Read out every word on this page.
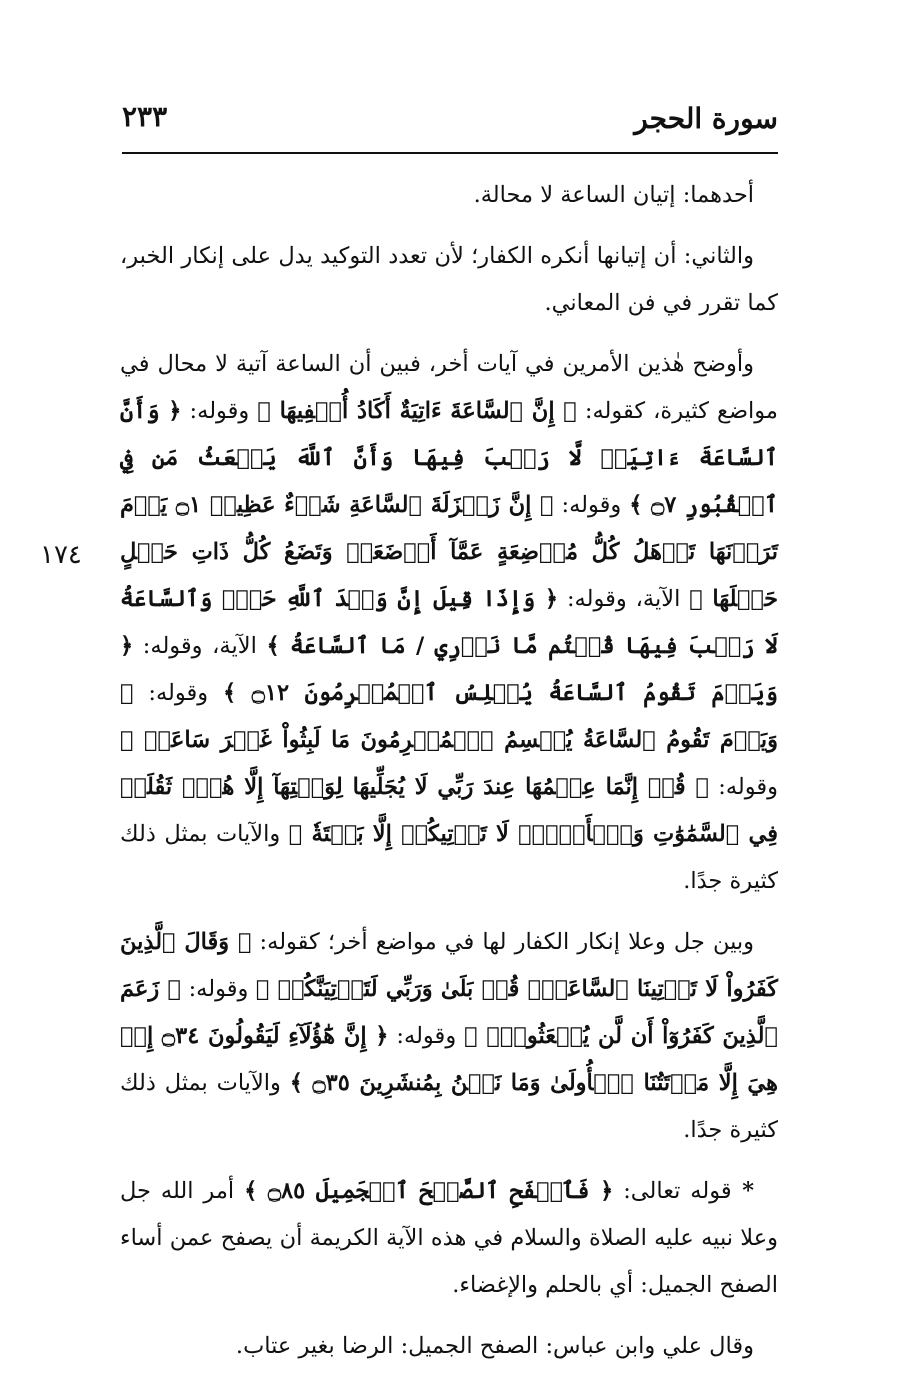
سورة الحجر
٢٣٣
١٧٤

أحدهما: إتيان الساعة لا محالة.

والثاني: أن إتيانها أنكره الكفار؛ لأن تعدد التوكيد يدل على إنكار الخبر، كما تقرر في فن المعاني.

وأوضح هٰذين الأمرين في آيات أخر، فبين أن الساعة آتية لا محال في مواضع كثيرة، كقوله: ﴿ إِنَّ ٱلسَّاعَةَ ءَاتِيَةٌ أَكَادُ أُخۡفِيهَا ﴾ وقوله: ﴿ وَأَنَّ ٱلسَّاعَةَ ءَاتِيَةٞ لَّا رَيۡبَ فِيهَا وَأَنَّ ٱللَّهَ يَبۡعَثُ مَن فِي ٱلۡقُبُورِ ۝٧ ﴾ وقوله: ﴿ إِنَّ زَلۡزَلَةَ ٱلسَّاعَةِ شَيۡءٌ عَظِيمٞ ۝١ يَوۡمَ تَرَوۡنَهَا تَذۡهَلُ كُلُّ مُرۡضِعَةٍ عَمَّآ أَرۡضَعَتۡ وَتَضَعُ كُلُّ ذَاتِ حَمۡلٍ حَمۡلَهَا ﴾ الآية، وقوله: ﴿ وَإِذَا قِيلَ إِنَّ وَعۡدَ ٱللَّهِ حَقّٞ وَٱلسَّاعَةُ لَا رَيۡبَ فِيهَا قُلۡتُم مَّا نَدۡرِي / مَا ٱلسَّاعَةُ ﴾ الآية، وقوله: ﴿ وَيَوۡمَ تَقُومُ ٱلسَّاعَةُ يُبۡلِسُ ٱلۡمُجۡرِمُونَ ۝١٢ ﴾ وقوله: ﴿ وَيَوۡمَ تَقُومُ ٱلسَّاعَةُ يُقۡسِمُ ٱلۡمُجۡرِمُونَ مَا لَبِثُواْ غَيۡرَ سَاعَةٖ ﴾ وقوله: ﴿ قُلۡ إِنَّمَا عِلۡمُهَا عِندَ رَبِّي لَا يُجَلِّيهَا لِوَقۡتِهَآ إِلَّا هُوَۚ ثَقُلَتۡ فِي ٱلسَّمَٰوَٰتِ وَٱلۡأَرۡضِۚ لَا تَأۡتِيكُمۡ إِلَّا بَغۡتَةٗ ﴾ والآيات بمثل ذلك كثيرة جدًا.

وبين جل وعلا إنكار الكفار لها في مواضع أخر؛ كقوله: ﴿ وَقَالَ ٱلَّذِينَ كَفَرُواْ لَا تَأۡتِينَا ٱلسَّاعَةُۖ قُلۡ بَلَىٰ وَرَبِّي لَتَأۡتِيَنَّكُمۡ ﴾ وقوله: ﴿ زَعَمَ ٱلَّذِينَ كَفَرُوٓاْ أَن لَّن يُبۡعَثُواْۚ ﴾ وقوله: ﴿ إِنَّ هَٰٓؤُلَآءِ لَيَقُولُونَ ۝٣٤ إِنۡ هِيَ إِلَّا مَوۡتَتُنَا ٱلۡأُولَىٰ وَمَا نَحۡنُ بِمُنشَرِينَ ۝٣٥ ﴾ والآيات بمثل ذلك كثيرة جدًا.

* قوله تعالى: ﴿ فَٱصۡفَحِ ٱلصَّفۡحَ ٱلۡجَمِيلَ ۝٨٥ ﴾ أمر الله جل وعلا نبيه عليه الصلاة والسلام في هذه الآية الكريمة أن يصفح عمن أساء الصفح الجميل: أي بالحلم والإغضاء.

وقال علي وابن عباس: الصفح الجميل: الرضا بغير عتاب.
